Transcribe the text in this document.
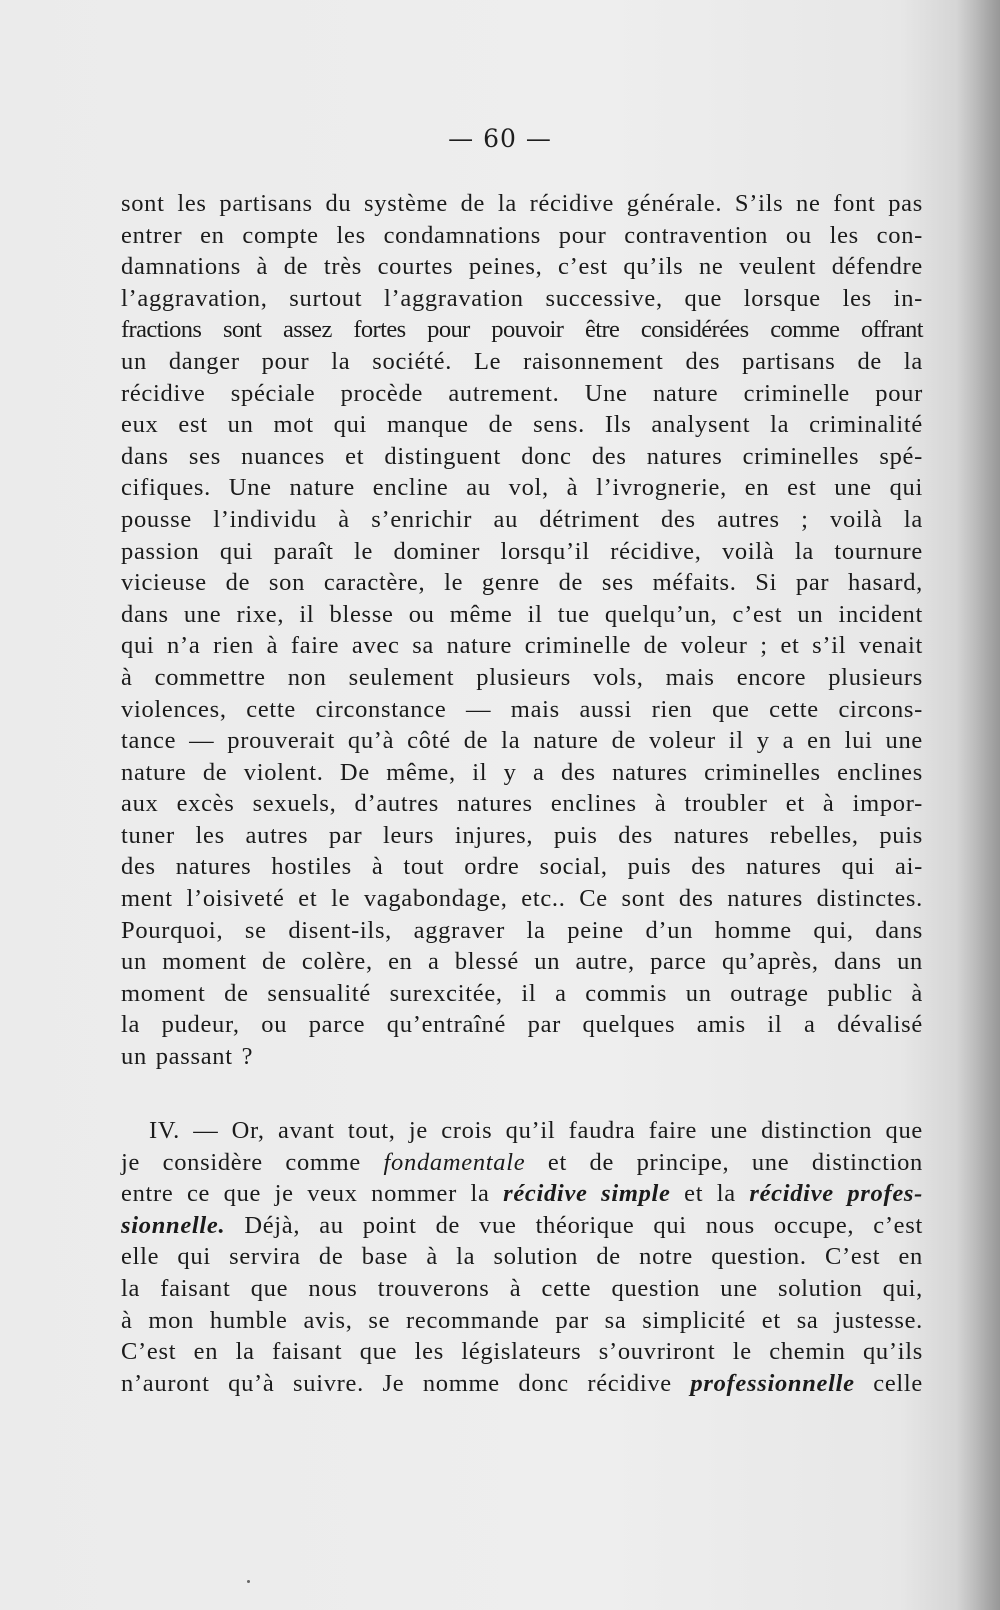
— 60 —
sont les partisans du système de la récidive générale. S’ils ne font pas
entrer en compte les condamnations pour contravention ou les con-
damnations à de très courtes peines, c’est qu’ils ne veulent défendre
l’aggravation, surtout l’aggravation successive, que lorsque les in-
fractions sont assez fortes pour pouvoir être considérées comme offrant
un danger pour la société. Le raisonnement des partisans de la
récidive spéciale procède autrement. Une nature criminelle pour
eux est un mot qui manque de sens. Ils analysent la criminalité
dans ses nuances et distinguent donc des natures criminelles spé-
cifiques. Une nature encline au vol, à l’ivrognerie, en est une qui
pousse l’individu à s’enrichir au détriment des autres ; voilà la
passion qui paraît le dominer lorsqu’il récidive, voilà la tournure
vicieuse de son caractère, le genre de ses méfaits. Si par hasard,
dans une rixe, il blesse ou même il tue quelqu’un, c’est un incident
qui n’a rien à faire avec sa nature criminelle de voleur ; et s’il venait
à commettre non seulement plusieurs vols, mais encore plusieurs
violences, cette circonstance — mais aussi rien que cette circons-
tance — prouverait qu’à côté de la nature de voleur il y a en lui une
nature de violent. De même, il y a des natures criminelles enclines
aux excès sexuels, d’autres natures enclines à troubler et à impor-
tuner les autres par leurs injures, puis des natures rebelles, puis
des natures hostiles à tout ordre social, puis des natures qui ai-
ment l’oisiveté et le vagabondage, etc.. Ce sont des natures distinctes.
Pourquoi, se disent-ils, aggraver la peine d’un homme qui, dans
un moment de colère, en a blessé un autre, parce qu’après, dans un
moment de sensualité surexcitée, il a commis un outrage public à
la pudeur, ou parce qu’entraîné par quelques amis il a dévalisé
un passant ?
IV. — Or, avant tout, je crois qu’il faudra faire une distinction que
je considère comme fondamentale et de principe, une distinction
entre ce que je veux nommer la récidive simple et la récidive profes-
sionnelle. Déjà, au point de vue théorique qui nous occupe, c’est
elle qui servira de base à la solution de notre question. C’est en
la faisant que nous trouverons à cette question une solution qui,
à mon humble avis, se recommande par sa simplicité et sa justesse.
C’est en la faisant que les législateurs s’ouvriront le chemin qu’ils
n’auront qu’à suivre. Je nomme donc récidive professionnelle celle
